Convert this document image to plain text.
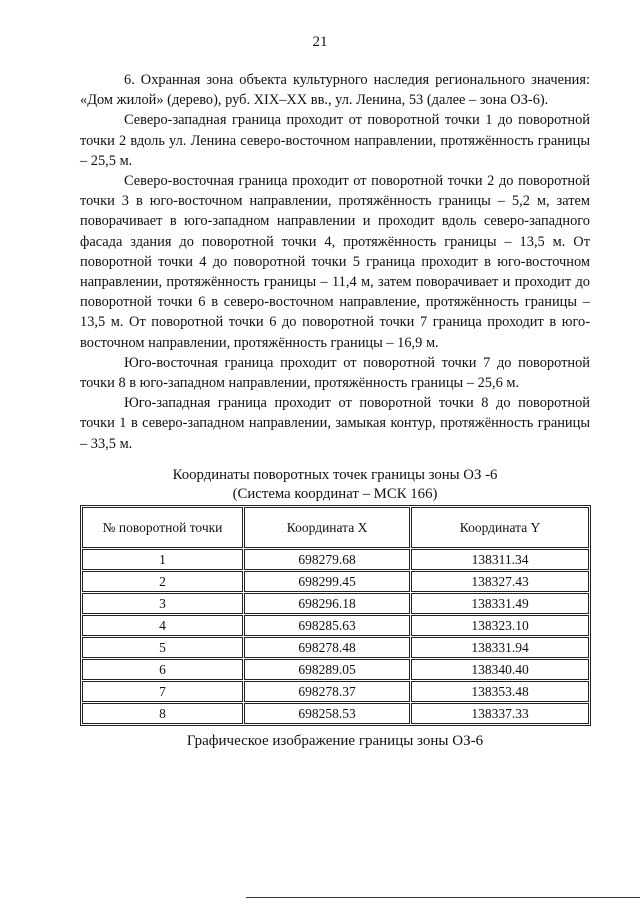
21

6. Охранная зона объекта культурного наследия регионального значения: «Дом жилой» (дерево), руб. XIX–XX вв., ул. Ленина, 53 (далее – зона ОЗ-6).

Северо-западная граница проходит от поворотной точки 1 до поворотной точки 2 вдоль ул. Ленина северо-восточном направлении, протяжённость границы – 25,5 м.

Северо-восточная граница проходит от поворотной точки 2 до поворотной точки 3 в юго-восточном направлении, протяжённость границы – 5,2 м, затем поворачивает в юго-западном направлении и проходит вдоль северо-западного фасада здания до поворотной точки 4, протяжённость границы – 13,5 м. От поворотной точки 4 до поворотной точки 5 граница проходит в юго-восточном направлении, протяжённость границы – 11,4 м, затем поворачивает и проходит до поворотной точки 6 в северо-восточном направление, протяжённость границы – 13,5 м. От поворотной точки 6 до поворотной точки 7 граница проходит в юго-восточном направлении, протяжённость границы – 16,9 м.

Юго-восточная граница проходит от поворотной точки 7 до поворотной точки 8 в юго-западном направлении, протяжённость границы – 25,6 м.

Юго-западная граница проходит от поворотной точки 8 до поворотной точки 1 в северо-западном направлении, замыкая контур, протяжённость границы – 33,5 м.

Координаты поворотных точек границы зоны ОЗ -6
(Система координат – МСК 166)
№ поворотной точки	Координата X	Координата Y
1	698279.68	138311.34
2	698299.45	138327.43
3	698296.18	138331.49
4	698285.63	138323.10
5	698278.48	138331.94
6	698289.05	138340.40
7	698278.37	138353.48
8	698258.53	138337.33
Графическое изображение границы зоны ОЗ-6
